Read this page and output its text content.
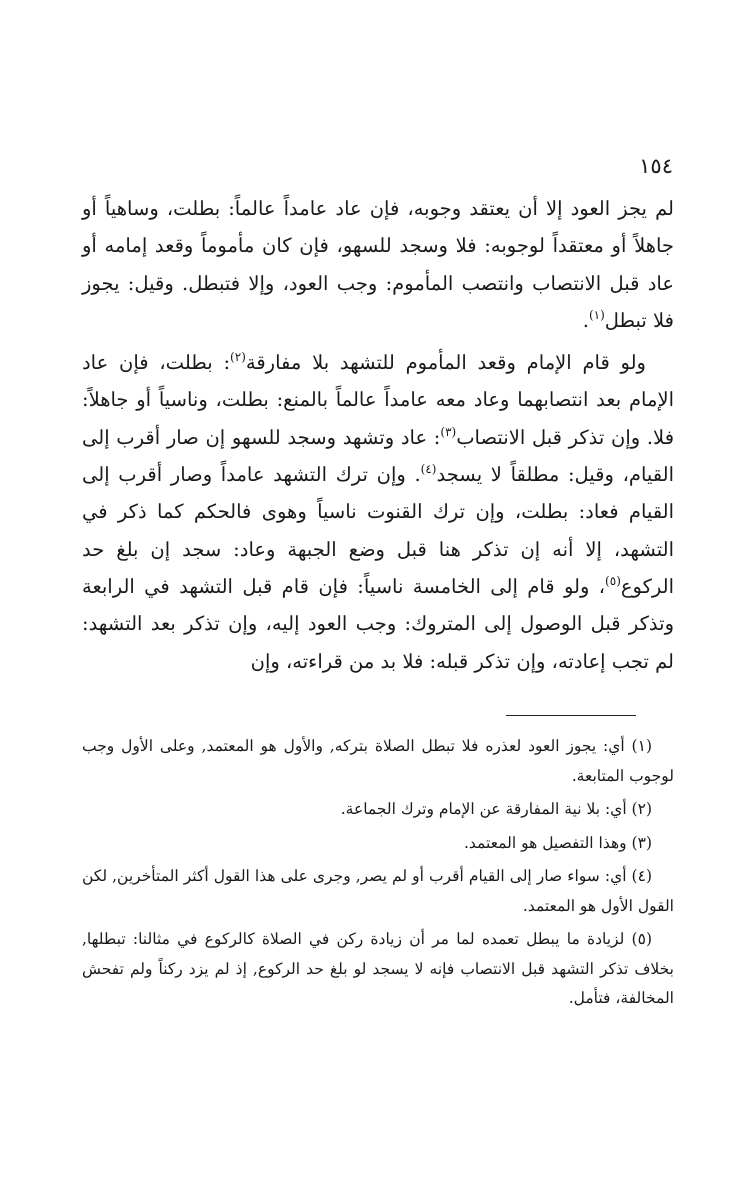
١٥٤

لم يجز العود إلا أن يعتقد وجوبه، فإن عاد عامداً عالماً: بطلت، وساهياً أو جاهلاً أو معتقداً لوجوبه: فلا وسجد للسهو، فإن كان مأموماً وقعد إمامه أو عاد قبل الانتصاب وانتصب المأموم: وجب العود، وإلا فتبطل. وقيل: يجوز فلا تبطل$^{(١)}$.

ولو قام الإمام وقعد المأموم للتشهد بلا مفارقة$^{(٢)}$: بطلت، فإن عاد الإمام بعد انتصابهما وعاد معه عامداً عالماً بالمنع: بطلت، وناسياً أو جاهلاً: فلا. وإن تذكر قبل الانتصاب$^{(٣)}$: عاد وتشهد وسجد للسهو إن صار أقرب إلى القيام، وقيل: مطلقاً لا يسجد$^{(٤)}$. وإن ترك التشهد عامداً وصار أقرب إلى القيام فعاد: بطلت، وإن ترك القنوت ناسياً وهوى فالحكم كما ذكر في التشهد، إلا أنه إن تذكر هنا قبل وضع الجبهة وعاد: سجد إن بلغ حد الركوع$^{(٥)}$، ولو قام إلى الخامسة ناسياً: فإن قام قبل التشهد في الرابعة وتذكر قبل الوصول إلى المتروك: وجب العود إليه، وإن تذكر بعد التشهد: لم تجب إعادته، وإن تذكر قبله: فلا بد من قراءته، وإن

(١) أي: يجوز العود لعذره فلا تبطل الصلاة بتركه, والأول هو المعتمد, وعلى الأول وجب لوجوب المتابعة.

(٢) أي: بلا نية المفارقة عن الإمام وترك الجماعة.

(٣) وهذا التفصيل هو المعتمد.

(٤) أي: سواء صار إلى القيام أقرب أو لم يصر, وجرى على هذا القول أكثر المتأخرين, لكن القول الأول هو المعتمد.

(٥) لزيادة ما يبطل تعمده لما مر أن زيادة ركن في الصلاة كالركوع في مثالنا: تبطلها, بخلاف تذكر التشهد قبل الانتصاب فإنه لا يسجد لو بلغ حد الركوع, إذ لم يزد ركناً ولم تفحش المخالفة، فتأمل.
